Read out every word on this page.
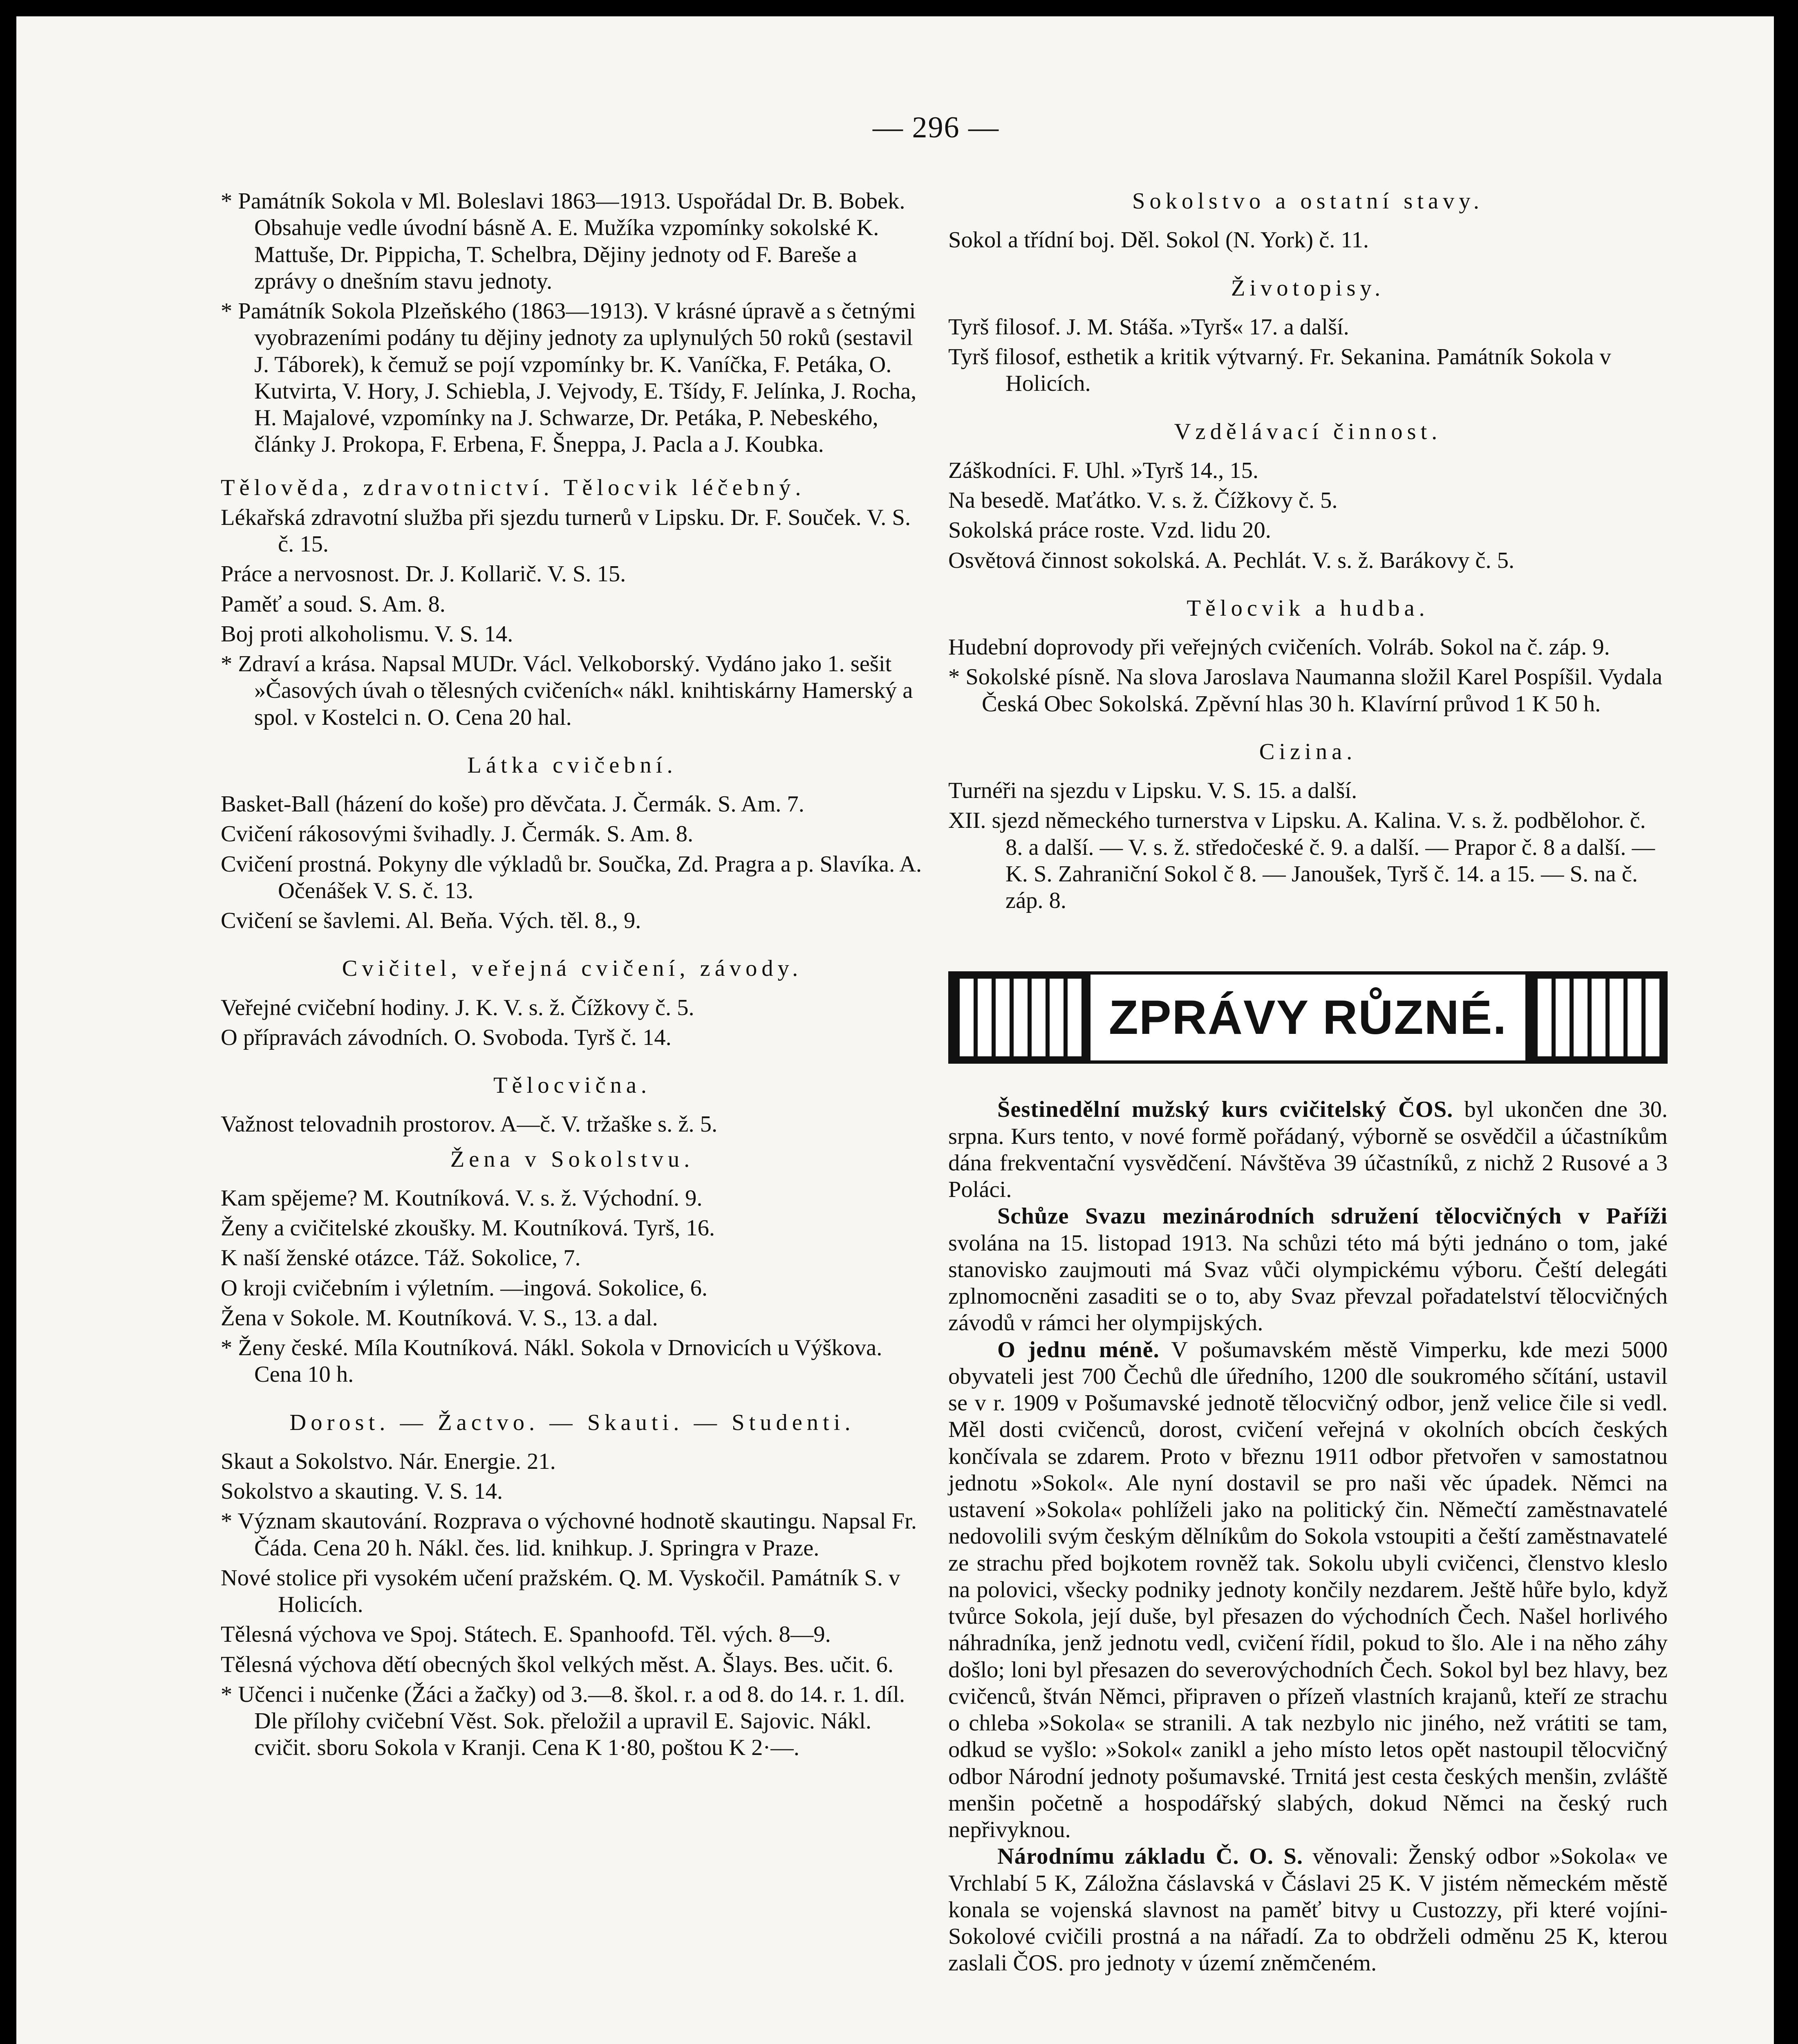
— 296 —
* Památník Sokola v Ml. Boleslavi 1863—1913. Uspořádal Dr. B. Bobek. Obsahuje vedle úvodní básně A. E. Mužíka vzpomínky sokolské K. Mattuše, Dr. Pippicha, T. Schelbra, Dějiny jednoty od F. Bareše a zprávy o dnešním stavu jednoty.
* Památník Sokola Plzeňského (1863—1913). V krásné úpravě a s četnými vyobrazeními podány tu dějiny jednoty za uplynulých 50 roků (sestavil J. Táborek), k čemuž se pojí vzpomínky br. K. Vaníčka, F. Petáka, O. Kutvirta, V. Hory, J. Schiebla, J. Vejvody, E. Tšídy, F. Jelínka, J. Rocha, H. Majalové, vzpomínky na J. Schwarze, Dr. Petáka, P. Nebeského, články J. Prokopa, F. Erbena, F. Šneppa, J. Pacla a J. Koubka.
Tělověda, zdravotnictví. Tělocvik léčebný.
Lékařská zdravotní služba při sjezdu turnerů v Lipsku. Dr. F. Souček. V. S. č. 15.
Práce a nervosnost. Dr. J. Kollarič. V. S. 15.
Paměť a soud. S. Am. 8.
Boj proti alkoholismu. V. S. 14.
* Zdraví a krása. Napsal MUDr. Václ. Velkoborský. Vydáno jako 1. sešit »Časových úvah o tělesných cvičeních« nákl. knihtiskárny Hamerský a spol. v Kostelci n. O. Cena 20 hal.
Látka cvičební.
Basket-Ball (házení do koše) pro děvčata. J. Čermák. S. Am. 7.
Cvičení rákosovými švihadly. J. Čermák. S. Am. 8.
Cvičení prostná. Pokyny dle výkladů br. Součka, Zd. Pragra a p. Slavíka. A. Očenášek V. S. č. 13.
Cvičení se šavlemi. Al. Beňa. Vých. těl. 8., 9.
Cvičitel, veřejná cvičení, závody.
Veřejné cvičební hodiny. J. K. V. s. ž. Čížkovy č. 5.
O přípravách závodních. O. Svoboda. Tyrš č. 14.
Tělocvična.
Važnost telovadnih prostorov. A—č. V. tržaške s. ž. 5.
Žena v Sokolstvu.
Kam spějeme? M. Koutníková. V. s. ž. Východní. 9.
Ženy a cvičitelské zkoušky. M. Koutníková. Tyrš, 16.
K naší ženské otázce. Táž. Sokolice, 7.
O kroji cvičebním i výletním. —ingová. Sokolice, 6.
Žena v Sokole. M. Koutníková. V. S., 13. a dal.
* Ženy české. Míla Koutníková. Nákl. Sokola v Drnovicích u Výškova. Cena 10 h.
Dorost. — Žactvo. — Skauti. — Studenti.
Skaut a Sokolstvo. Nár. Energie. 21.
Sokolstvo a skauting. V. S. 14.
* Význam skautování. Rozprava o výchovné hodnotě skautingu. Napsal Fr. Čáda. Cena 20 h. Nákl. čes. lid. knihkup. J. Springra v Praze.
Nové stolice při vysokém učení pražském. Q. M. Vyskočil. Památník S. v Holicích.
Tělesná výchova ve Spoj. Státech. E. Spanhoofd. Těl. vých. 8—9.
Tělesná výchova dětí obecných škol velkých měst. A. Šlays. Bes. učit. 6.
* Učenci i nučenke (Žáci a žačky) od 3.—8. škol. r. a od 8. do 14. r. 1. díl. Dle přílohy cvičební Věst. Sok. přeložil a upravil E. Sajovic. Nákl. cvičit. sboru Sokola v Kranji. Cena K 1·80, poštou K 2·—.
Sokolstvo a ostatní stavy.
Sokol a třídní boj. Děl. Sokol (N. York) č. 11.
Životopisy.
Tyrš filosof. J. M. Stáša. »Tyrš« 17. a další.
Tyrš filosof, esthetik a kritik výtvarný. Fr. Sekanina. Památník Sokola v Holicích.
Vzdělávací činnost.
Záškodníci. F. Uhl. »Tyrš 14., 15.
Na besedě. Maťátko. V. s. ž. Čížkovy č. 5.
Sokolská práce roste. Vzd. lidu 20.
Osvětová činnost sokolská. A. Pechlát. V. s. ž. Barákovy č. 5.
Tělocvik a hudba.
Hudební doprovody při veřejných cvičeních. Volráb. Sokol na č. záp. 9.
* Sokolské písně. Na slova Jaroslava Naumanna složil Karel Pospíšil. Vydala Česká Obec Sokolská. Zpěvní hlas 30 h. Klavírní průvod 1 K 50 h.
Cizina.
Turnéři na sjezdu v Lipsku. V. S. 15. a další.
XII. sjezd německého turnerstva v Lipsku. A. Kalina. V. s. ž. podbělohor. č. 8. a další. — V. s. ž. středočeské č. 9. a další. — Prapor č. 8 a další. — K. S. Zahraniční Sokol č 8. — Janoušek, Tyrš č. 14. a 15. — S. na č. záp. 8.
ZPRÁVY RŮZNÉ.

Šestinedělní mužský kurs cvičitelský ČOS. byl ukončen dne 30. srpna. Kurs tento, v nové formě pořádaný, výborně se osvědčil a účastníkům dána frekventační vysvědčení. Návštěva 39 účastníků, z nichž 2 Rusové a 3 Poláci.

Schůze Svazu mezinárodních sdružení tělocvičných v Paříži svolána na 15. listopad 1913. Na schůzi této má býti jednáno o tom, jaké stanovisko zaujmouti má Svaz vůči olympickému výboru. Čeští delegáti zplnomocněni zasaditi se o to, aby Svaz převzal pořadatelství tělocvičných závodů v rámci her olympijských.

O jednu méně. V pošumavském městě Vimperku, kde mezi 5000 obyvateli jest 700 Čechů dle úředního, 1200 dle soukromého sčítání, ustavil se v r. 1909 v Pošumavské jednotě tělocvičný odbor, jenž velice čile si vedl. Měl dosti cvičenců, dorost, cvičení veřejná v okolních obcích českých končívala se zdarem. Proto v březnu 1911 odbor přetvořen v samostatnou jednotu »Sokol«. Ale nyní dostavil se pro naši věc úpadek. Němci na ustavení »Sokola« pohlíželi jako na politický čin. Němečtí zaměstnavatelé nedovolili svým českým dělníkům do Sokola vstoupiti a čeští zaměstnavatelé ze strachu před bojkotem rovněž tak. Sokolu ubyli cvičenci, členstvo kleslo na polovici, všecky podniky jednoty končily nezdarem. Ještě hůře bylo, když tvůrce Sokola, její duše, byl přesazen do východních Čech. Našel horlivého náhradníka, jenž jednotu vedl, cvičení řídil, pokud to šlo. Ale i na něho záhy došlo; loni byl přesazen do severovýchodních Čech. Sokol byl bez hlavy, bez cvičenců, štván Němci, připraven o přízeň vlastních krajanů, kteří ze strachu o chleba »Sokola« se stranili. A tak nezbylo nic jiného, než vrátiti se tam, odkud se vyšlo: »Sokol« zanikl a jeho místo letos opět nastoupil tělocvičný odbor Národní jednoty pošumavské. Trnitá jest cesta českých menšin, zvláště menšin početně a hospodářský slabých, dokud Němci na český ruch nepřivyknou.

Národnímu základu Č. O. S. věnovali: Ženský odbor »Sokola« ve Vrchlabí 5 K, Záložna čáslavská v Čáslavi 25 K. V jistém německém městě konala se vojenská slavnost na paměť bitvy u Custozzy, při které vojíni-Sokolové cvičili prostná a na nářadí. Za to obdrželi odměnu 25 K, kterou zaslali ČOS. pro jednoty v území zněmčeném.
